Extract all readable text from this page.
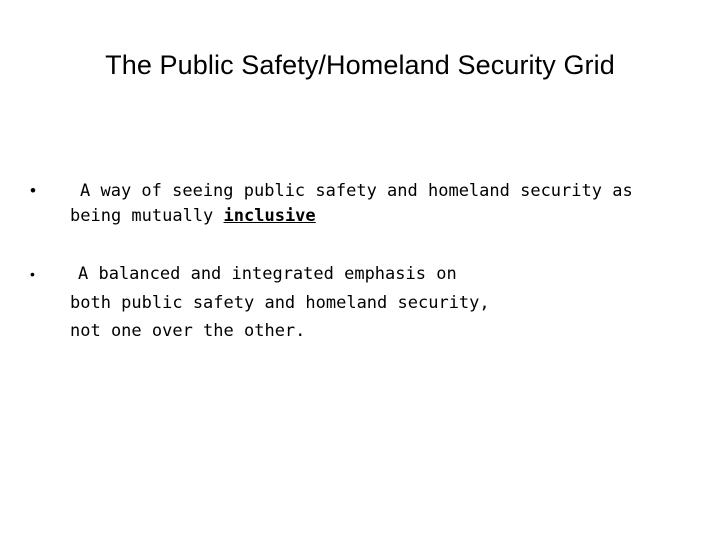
The Public Safety/Homeland Security Grid
•	A way of seeing public safety and homeland security as
being mutually inclusive
•	A balanced and integrated emphasis on
both public safety and homeland security,
not one over the other.
